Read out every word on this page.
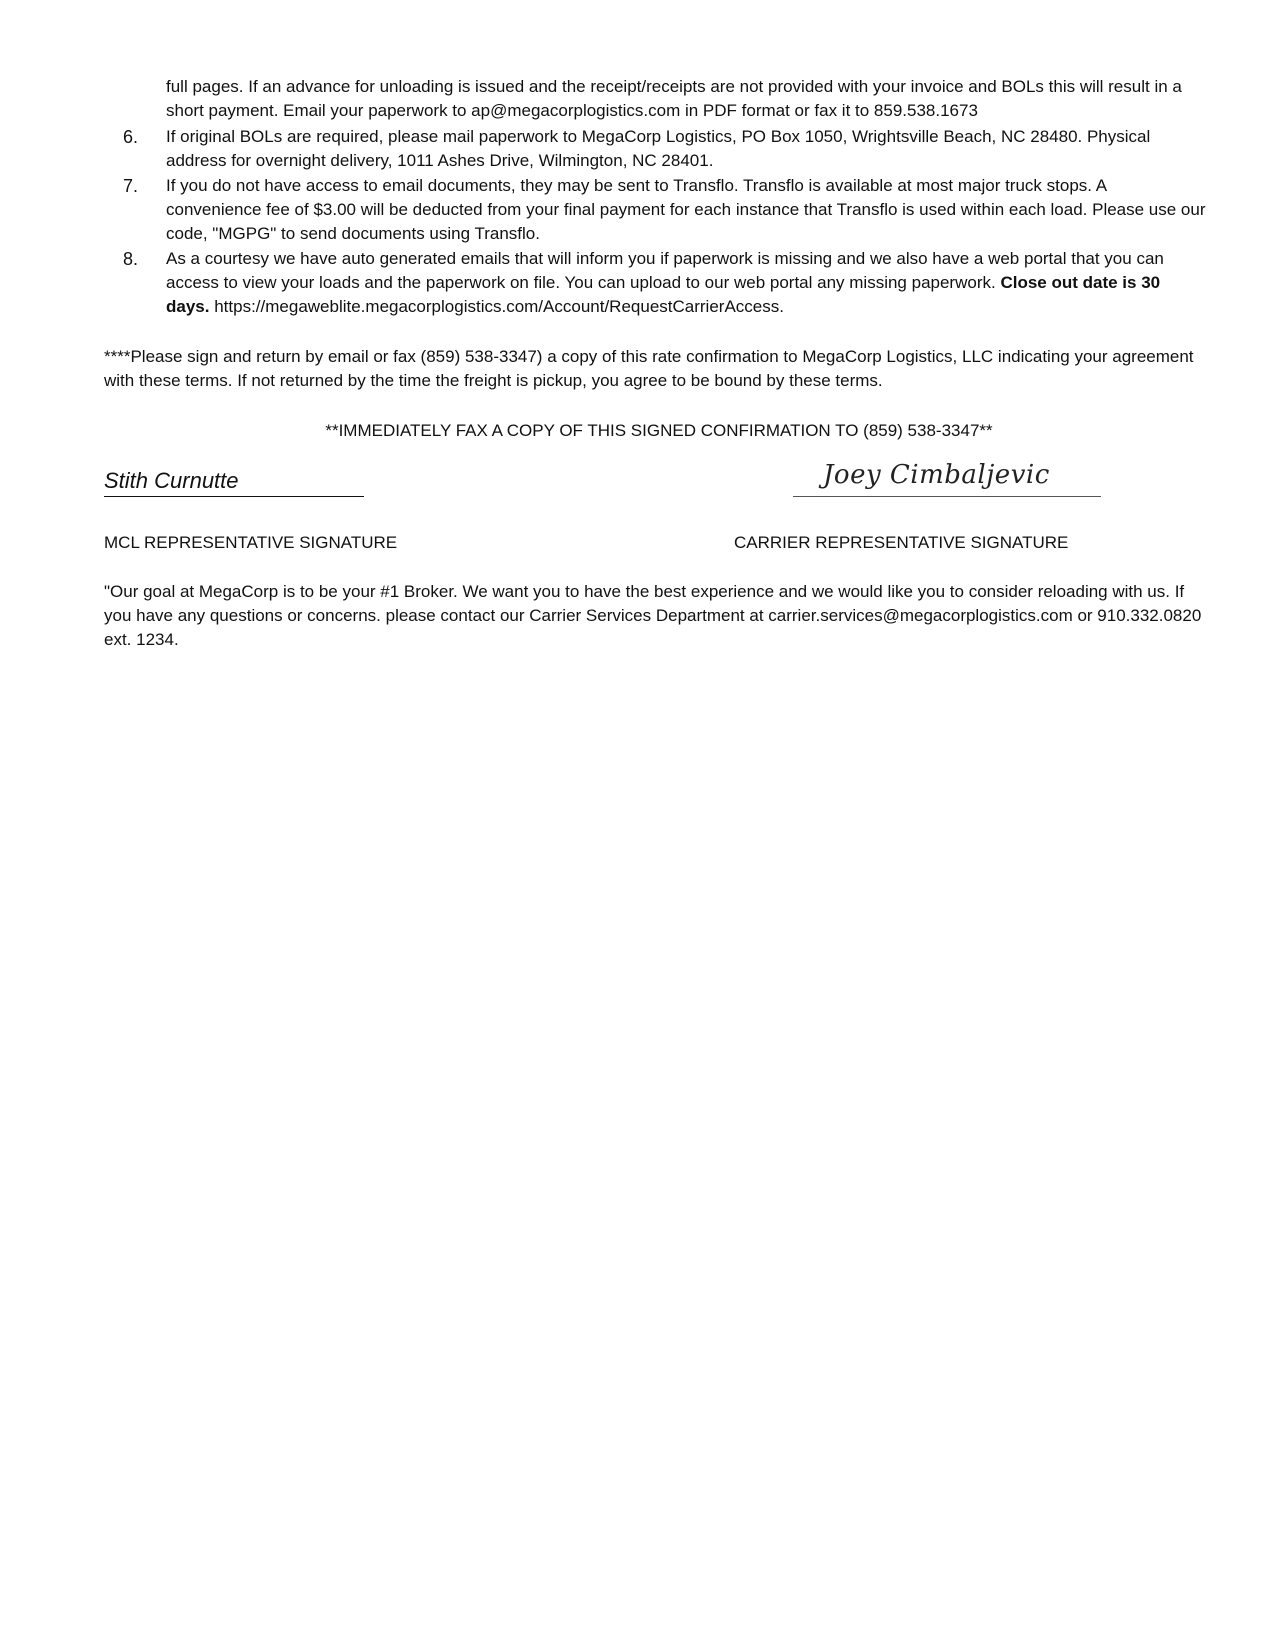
full pages. If an advance for unloading is issued and the receipt/receipts are not provided with your invoice and BOLs this will result in a short payment. Email your paperwork to ap@megacorplogistics.com in PDF format or fax it to 859.538.1673
6.	If original BOLs are required, please mail paperwork to MegaCorp Logistics, PO Box 1050, Wrightsville Beach, NC 28480. Physical address for overnight delivery, 1011 Ashes Drive, Wilmington, NC 28401.
7.	If you do not have access to email documents, they may be sent to Transflo. Transflo is available at most major truck stops. A convenience fee of $3.00 will be deducted from your final payment for each instance that Transflo is used within each load. Please use our code, "MGPG" to send documents using Transflo.
8.	As a courtesy we have auto generated emails that will inform you if paperwork is missing and we also have a web portal that you can access to view your loads and the paperwork on file. You can upload to our web portal any missing paperwork. Close out date is 30 days. https://megaweblite.megacorplogistics.com/Account/RequestCarrierAccess.
****Please sign and return by email or fax (859) 538-3347) a copy of this rate confirmation to MegaCorp Logistics, LLC indicating your agreement with these terms. If not returned by the time the freight is pickup, you agree to be bound by these terms.
**IMMEDIATELY FAX A COPY OF THIS SIGNED CONFIRMATION TO (859) 538-3347**
Stith Curnutte	Joey Cimbaljevic
MCL REPRESENTATIVE SIGNATURE	CARRIER REPRESENTATIVE SIGNATURE
"Our goal at MegaCorp is to be your #1 Broker. We want you to have the best experience and we would like you to consider reloading with us. If you have any questions or concerns. please contact our Carrier Services Department at carrier.services@megacorplogistics.com or 910.332.0820 ext. 1234.
